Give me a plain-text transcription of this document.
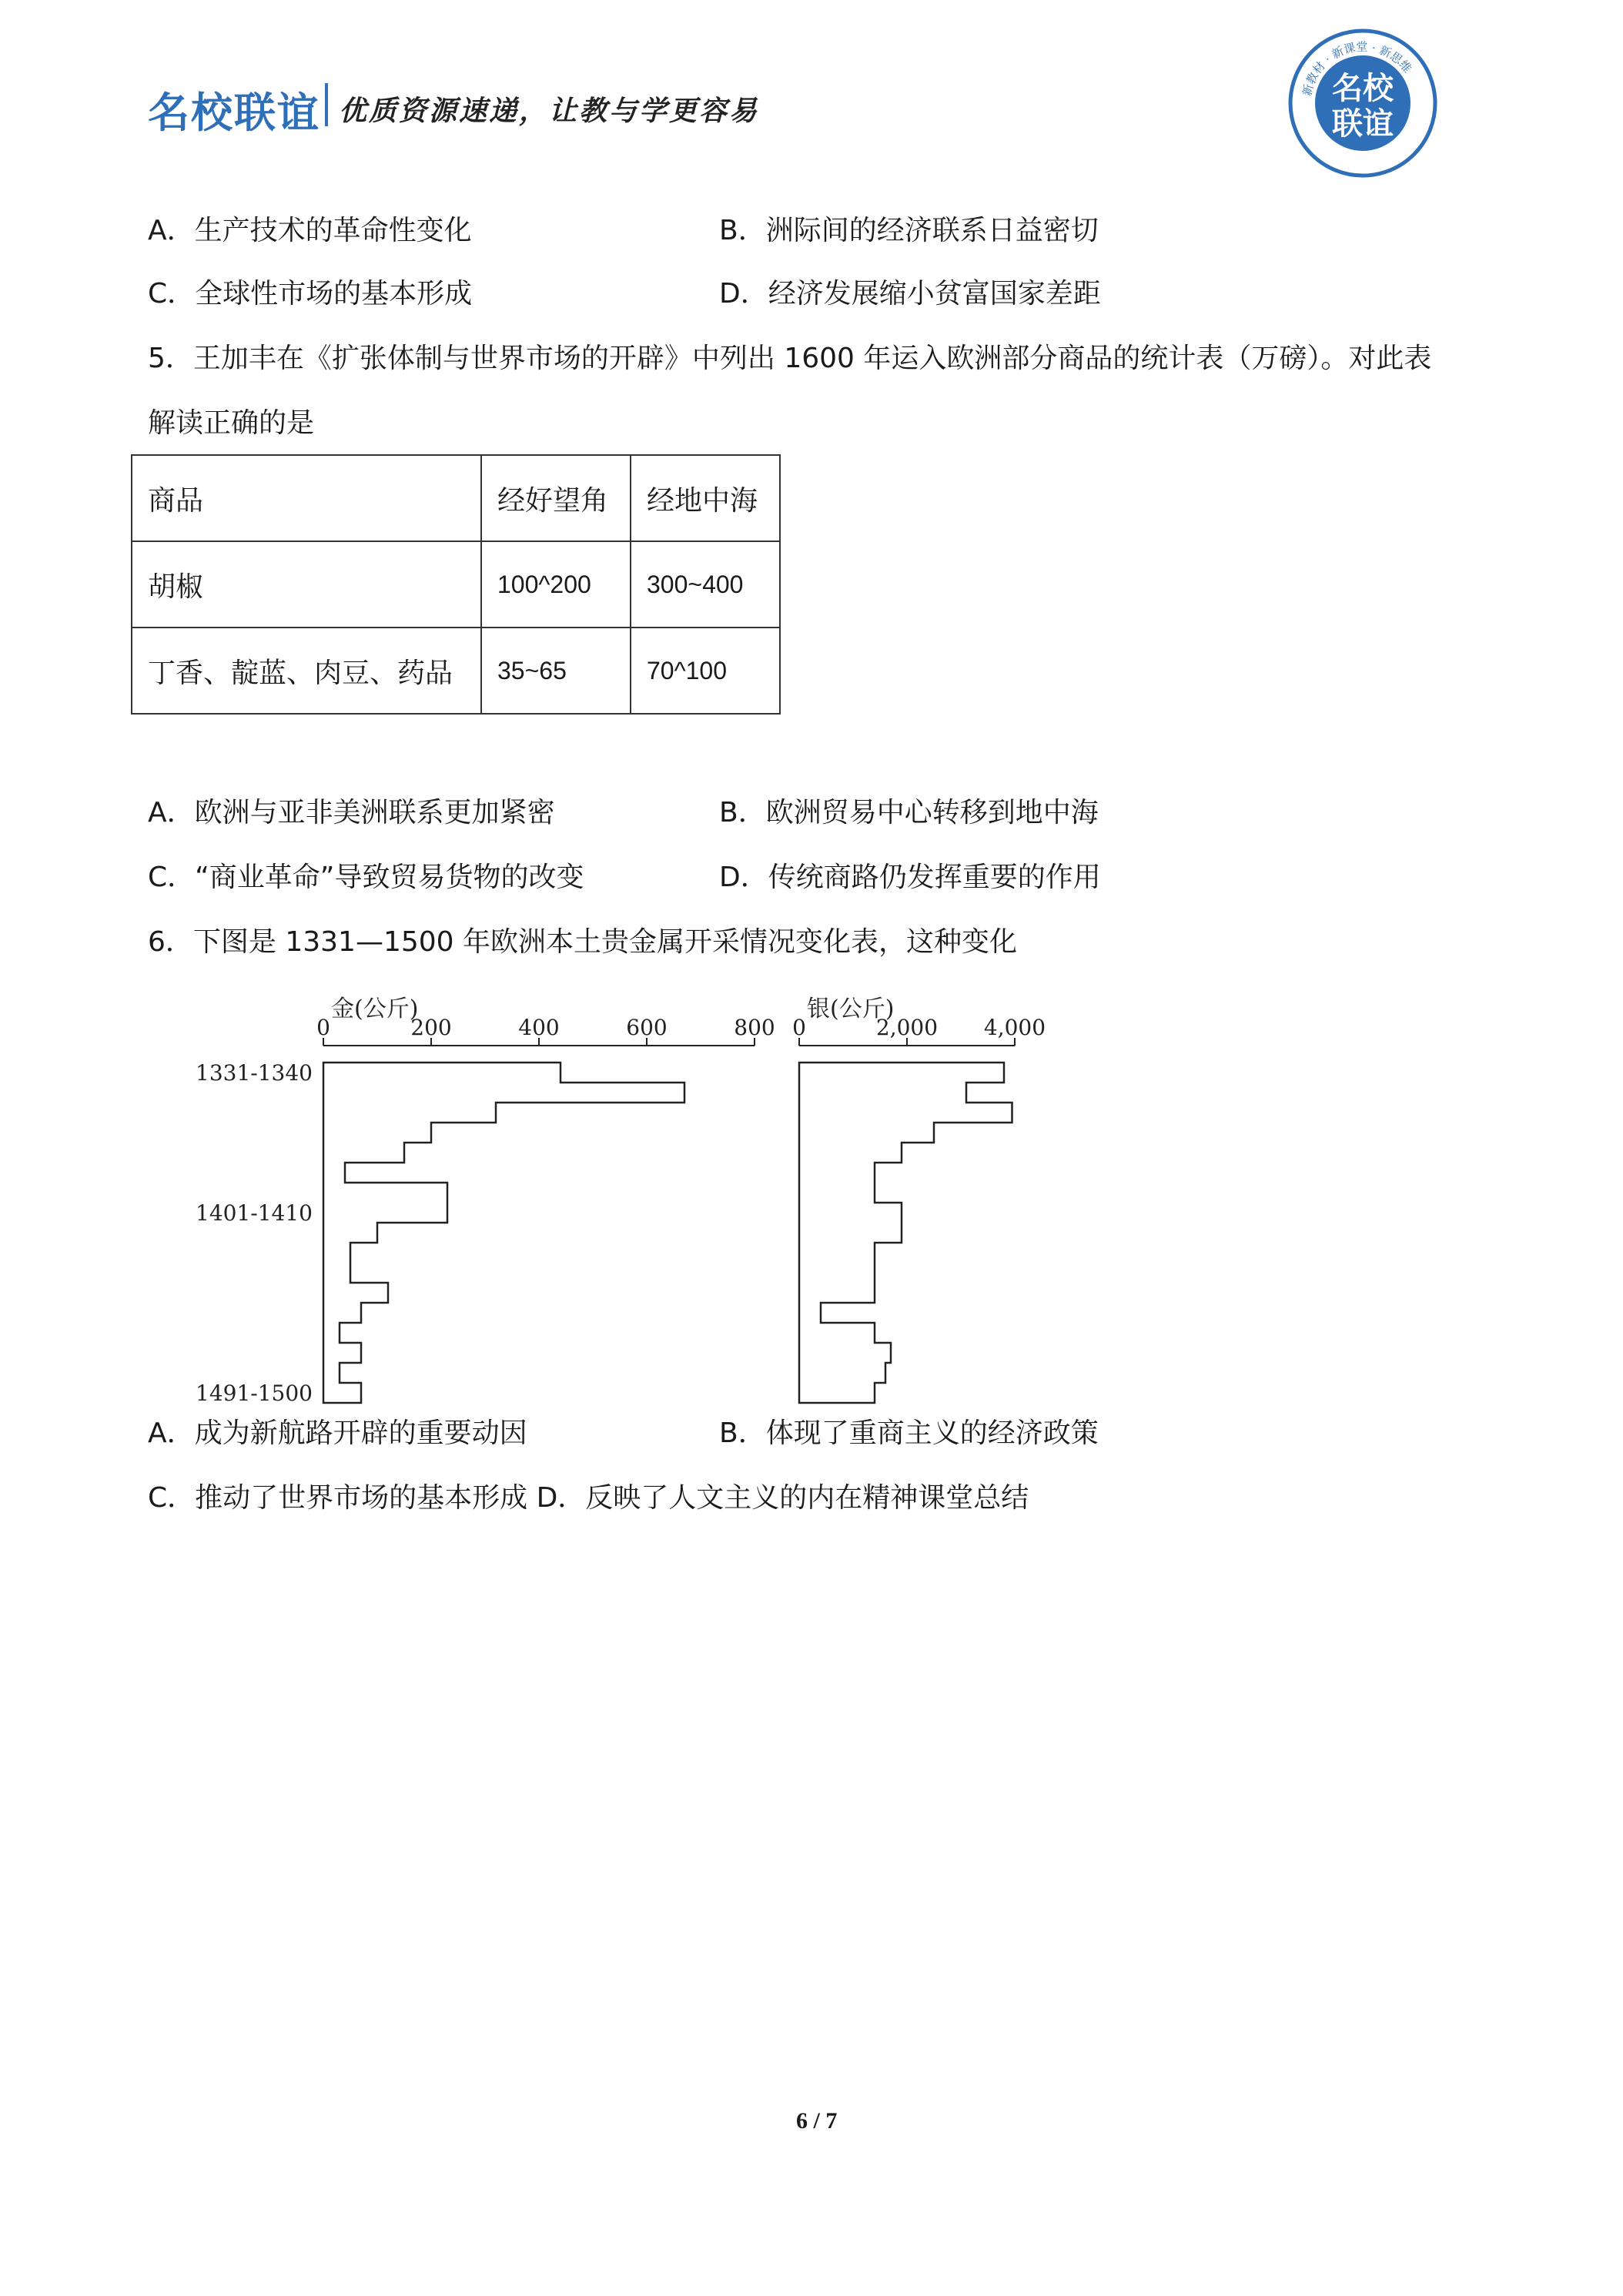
名校联谊 优质资源速递，让教与学更容易
名校
联谊
新教材 · 新课堂 · 新思维
A．生产技术的革命性变化	B．洲际间的经济联系日益密切
C．全球性市场的基本形成	D．经济发展缩小贫富国家差距
5．王加丰在《扩张体制与世界市场的开辟》中列出 1600 年运入欧洲部分商品的统计表（万磅）。对此表
解读正确的是
商品	经好望角	经地中海
胡椒	100^200	300~400
丁香、靛蓝、肉豆、药品	35~65	70^100
A．欧洲与亚非美洲联系更加紧密	B．欧洲贸易中心转移到地中海
C．“商业革命”导致贸易货物的改变	D．传统商路仍发挥重要的作用
6．下图是 1331—1500 年欧洲本土贵金属开采情况变化表，这种变化
金(公斤)
0	200	400	600	800
1331-1340
1401-1410
1491-1500
银(公斤)
0	2,000 4,000
A．成为新航路开辟的重要动因	B．体现了重商主义的经济政策
C．推动了世界市场的基本形成 D．反映了人文主义的内在精神课堂总结
6 / 7
